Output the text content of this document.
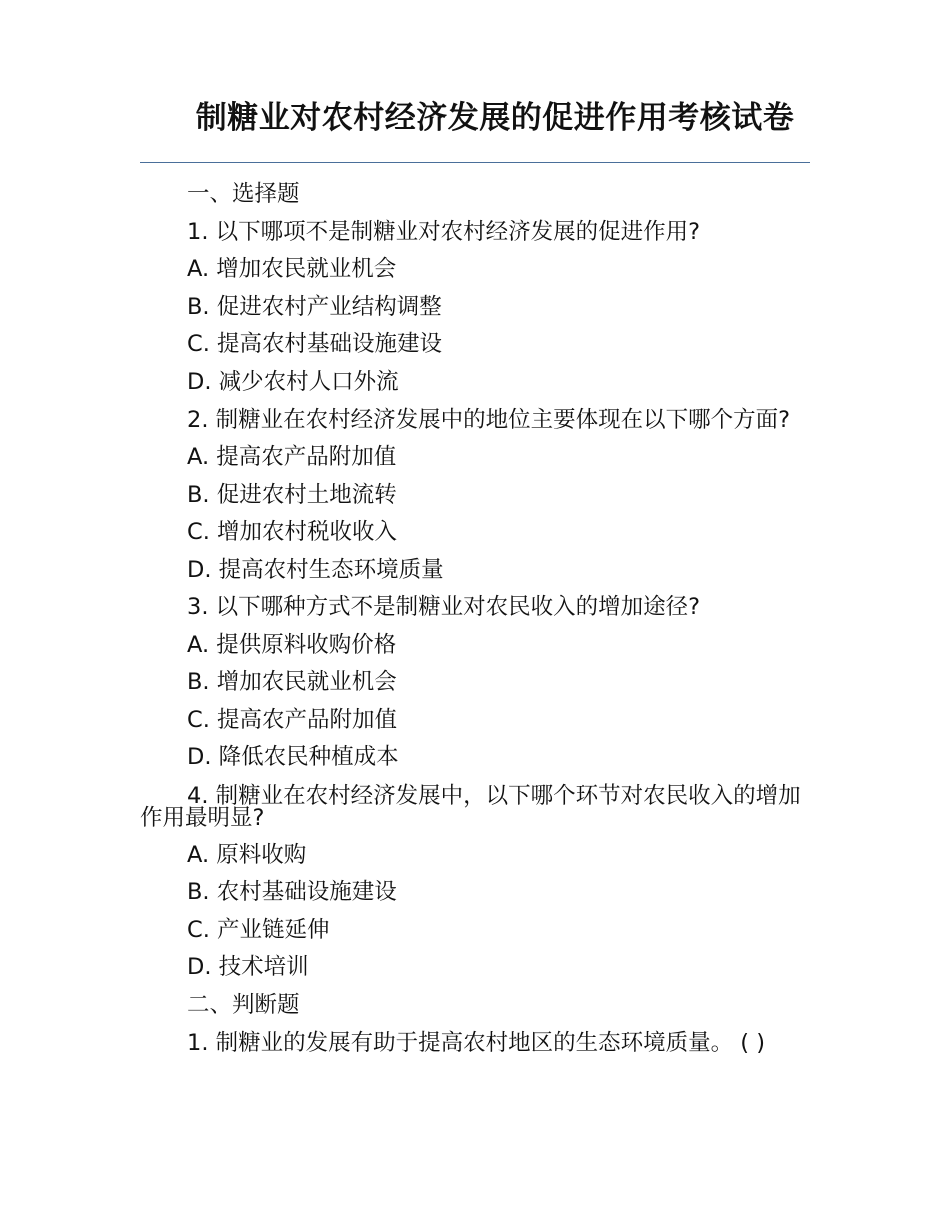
制糖业对农村经济发展的促进作用考核试卷

一、选择题

1. 以下哪项不是制糖业对农村经济发展的促进作用?

A. 增加农民就业机会

B. 促进农村产业结构调整

C. 提高农村基础设施建设

D. 减少农村人口外流

2. 制糖业在农村经济发展中的地位主要体现在以下哪个方面?

A. 提高农产品附加值

B. 促进农村土地流转

C. 增加农村税收收入

D. 提高农村生态环境质量

3. 以下哪种方式不是制糖业对农民收入的增加途径?

A. 提供原料收购价格

B. 增加农民就业机会

C. 提高农产品附加值

D. 降低农民种植成本

4. 制糖业在农村经济发展中，以下哪个环节对农民收入的增加作用最明显?

A. 原料收购

B. 农村基础设施建设

C. 产业链延伸

D. 技术培训

二、判断题

1. 制糖业的发展有助于提高农村地区的生态环境质量。 ( )
